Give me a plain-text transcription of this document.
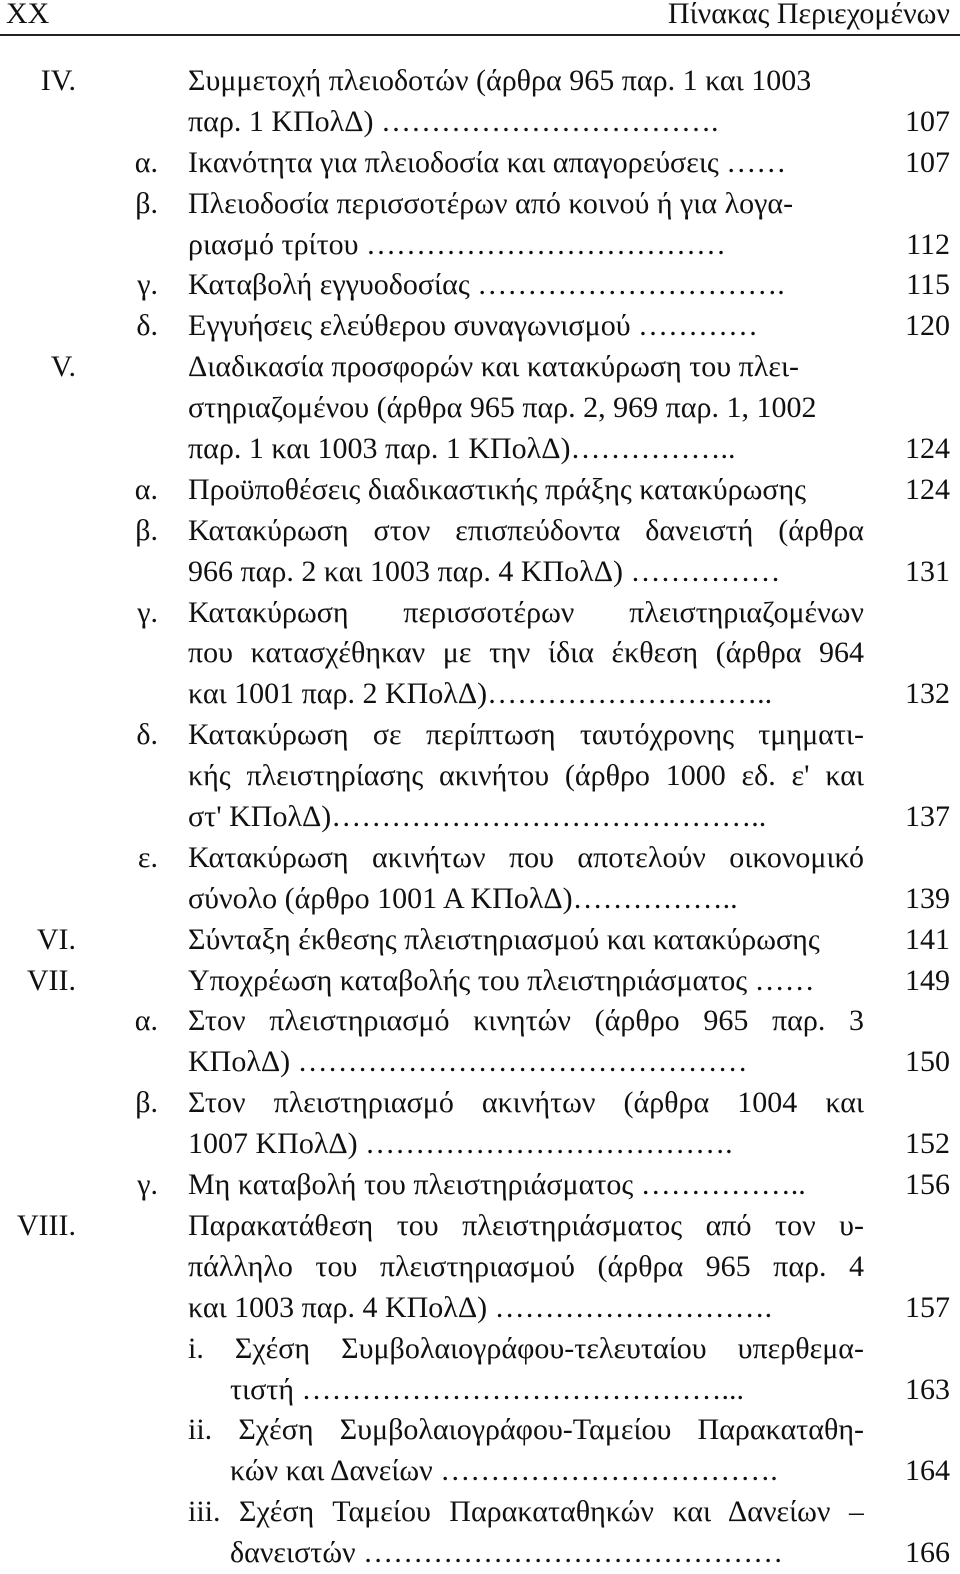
XX	Πίνακας Περιεχομένων
IV.	Συμμετοχή πλειοδοτών (άρθρα 965 παρ. 1 και 1003
παρ. 1 ΚΠολΔ) …………………………….	107
α. Ικανότητα για πλειοδοσία και απαγορεύσεις ……	107
β. Πλειοδοσία περισσοτέρων από κοινού ή για λογα-
ριασμό τρίτου ………………………………	112
γ. Καταβολή εγγυοδοσίας ………………………….	115
δ. Εγγυήσεις ελεύθερου συναγωνισμού …………	120
V.	Διαδικασία προσφορών και κατακύρωση του πλει-
στηριαζομένου (άρθρα 965 παρ. 2, 969 παρ. 1, 1002
παρ. 1 και 1003 παρ. 1 ΚΠολΔ)……………..	124
α. Προϋποθέσεις διαδικαστικής πράξης κατακύρωσης	124
β. Κατακύρωση στον επισπεύδοντα δανειστή (άρθρα
966 παρ. 2 και 1003 παρ. 4 ΚΠολΔ) ……………	131
γ. Κατακύρωση περισσοτέρων πλειστηριαζομένων
που κατασχέθηκαν με την ίδια έκθεση (άρθρα 964
και 1001 παρ. 2 ΚΠολΔ)………………………..	132
δ. Κατακύρωση σε περίπτωση ταυτόχρονης τμηματι-
κής πλειστηρίασης ακινήτου (άρθρο 1000 εδ. ε' και
στ' ΚΠολΔ)……………………………………..	137
ε. Κατακύρωση ακινήτων που αποτελούν οικονομικό
σύνολο (άρθρο 1001 Α ΚΠολΔ)……………..	139
VI.	Σύνταξη έκθεσης πλειστηριασμού και κατακύρωσης	141
VII.	Υποχρέωση καταβολής του πλειστηριάσματος ……	149
α. Στον πλειστηριασμό κινητών (άρθρο 965 παρ. 3
ΚΠολΔ) ………………………………………	150
β. Στον πλειστηριασμό ακινήτων (άρθρα 1004 και
1007 ΚΠολΔ) ……………………………….	152
γ. Μη καταβολή του πλειστηριάσματος ……………..	156
VIII.	Παρακατάθεση του πλειστηριάσματος από τον υ-
πάλληλο του πλειστηριασμού (άρθρα 965 παρ. 4
και 1003 παρ. 4 ΚΠολΔ) ……………………….	157
i. Σχέση Συμβολαιογράφου-τελευταίου υπερθεμα-
τιστή ……………………………………...	163
ii. Σχέση Συμβολαιογράφου-Ταμείου Παρακαταθη-
κών και Δανείων …………………………….	164
iii. Σχέση Ταμείου Παρακαταθηκών και Δανείων –
δανειστών ……………………………………	166
